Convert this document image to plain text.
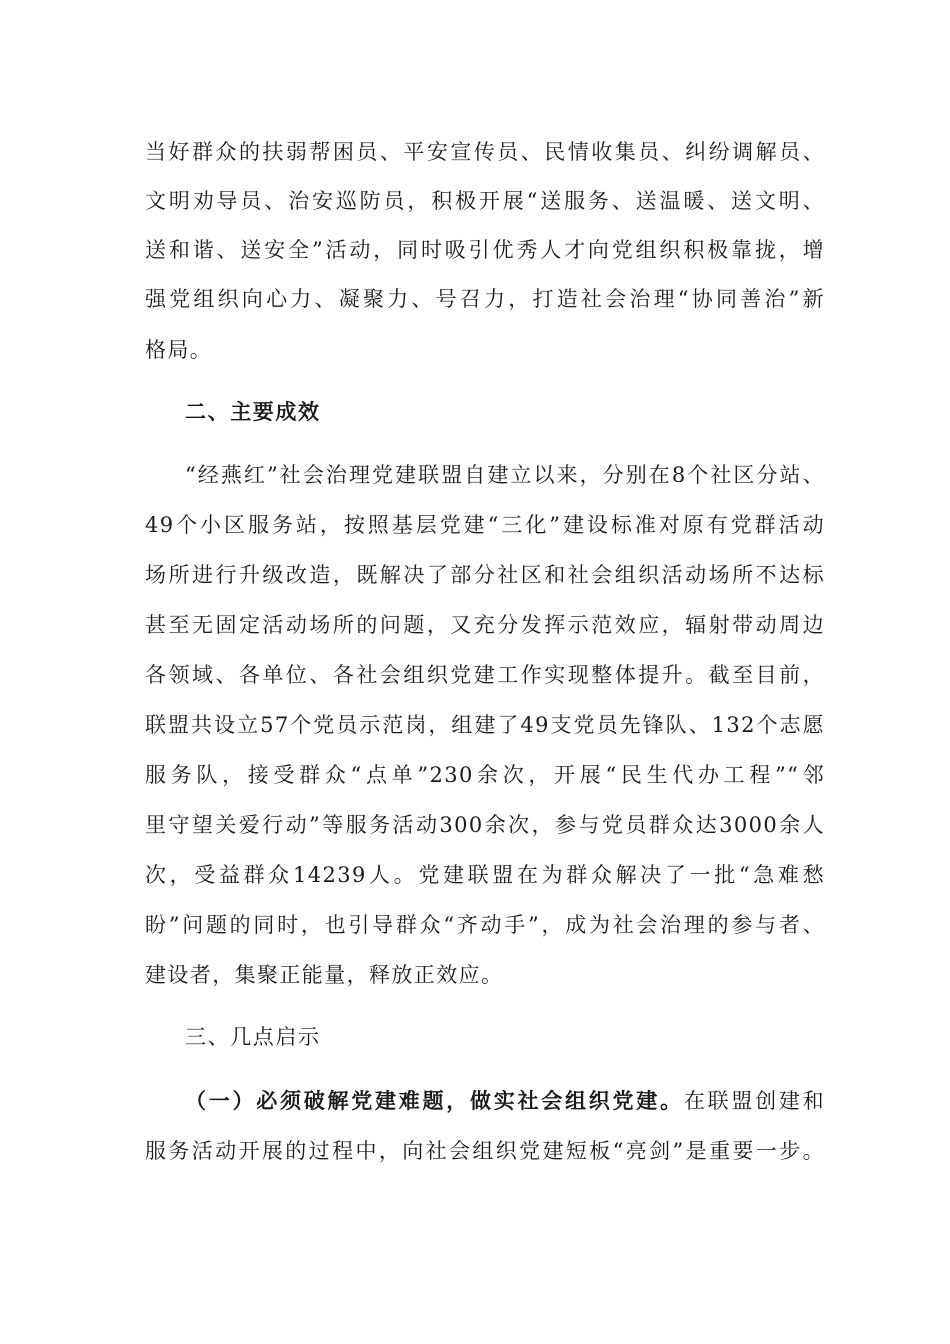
当好群众的扶弱帮困员、平安宣传员、民情收集员、纠纷调解员、
文明劝导员、治安巡防员，积极开展“送服务、送温暖、送文明、
送和谐、送安全”活动，同时吸引优秀人才向党组织积极靠拢，增
强党组织向心力、凝聚力、号召力，打造社会治理“协同善治”新
格局。
二、主要成效
“经燕红”社会治理党建联盟自建立以来，分别在8个社区分站、
49个小区服务站，按照基层党建“三化”建设标准对原有党群活动
场所进行升级改造，既解决了部分社区和社会组织活动场所不达标
甚至无固定活动场所的问题，又充分发挥示范效应，辐射带动周边
各领域、各单位、各社会组织党建工作实现整体提升。截至目前，
联盟共设立57个党员示范岗，组建了49支党员先锋队、132个志愿
服务队，接受群众“点单”230余次，开展“民生代办工程”“邻
里守望关爱行动”等服务活动300余次，参与党员群众达3000余人
次，受益群众14239人。党建联盟在为群众解决了一批“急难愁
盼”问题的同时，也引导群众“齐动手”，成为社会治理的参与者、
建设者，集聚正能量，释放正效应。
三、几点启示
（一）必须破解党建难题，做实社会组织党建。在联盟创建和
服务活动开展的过程中，向社会组织党建短板“亮剑”是重要一步。
